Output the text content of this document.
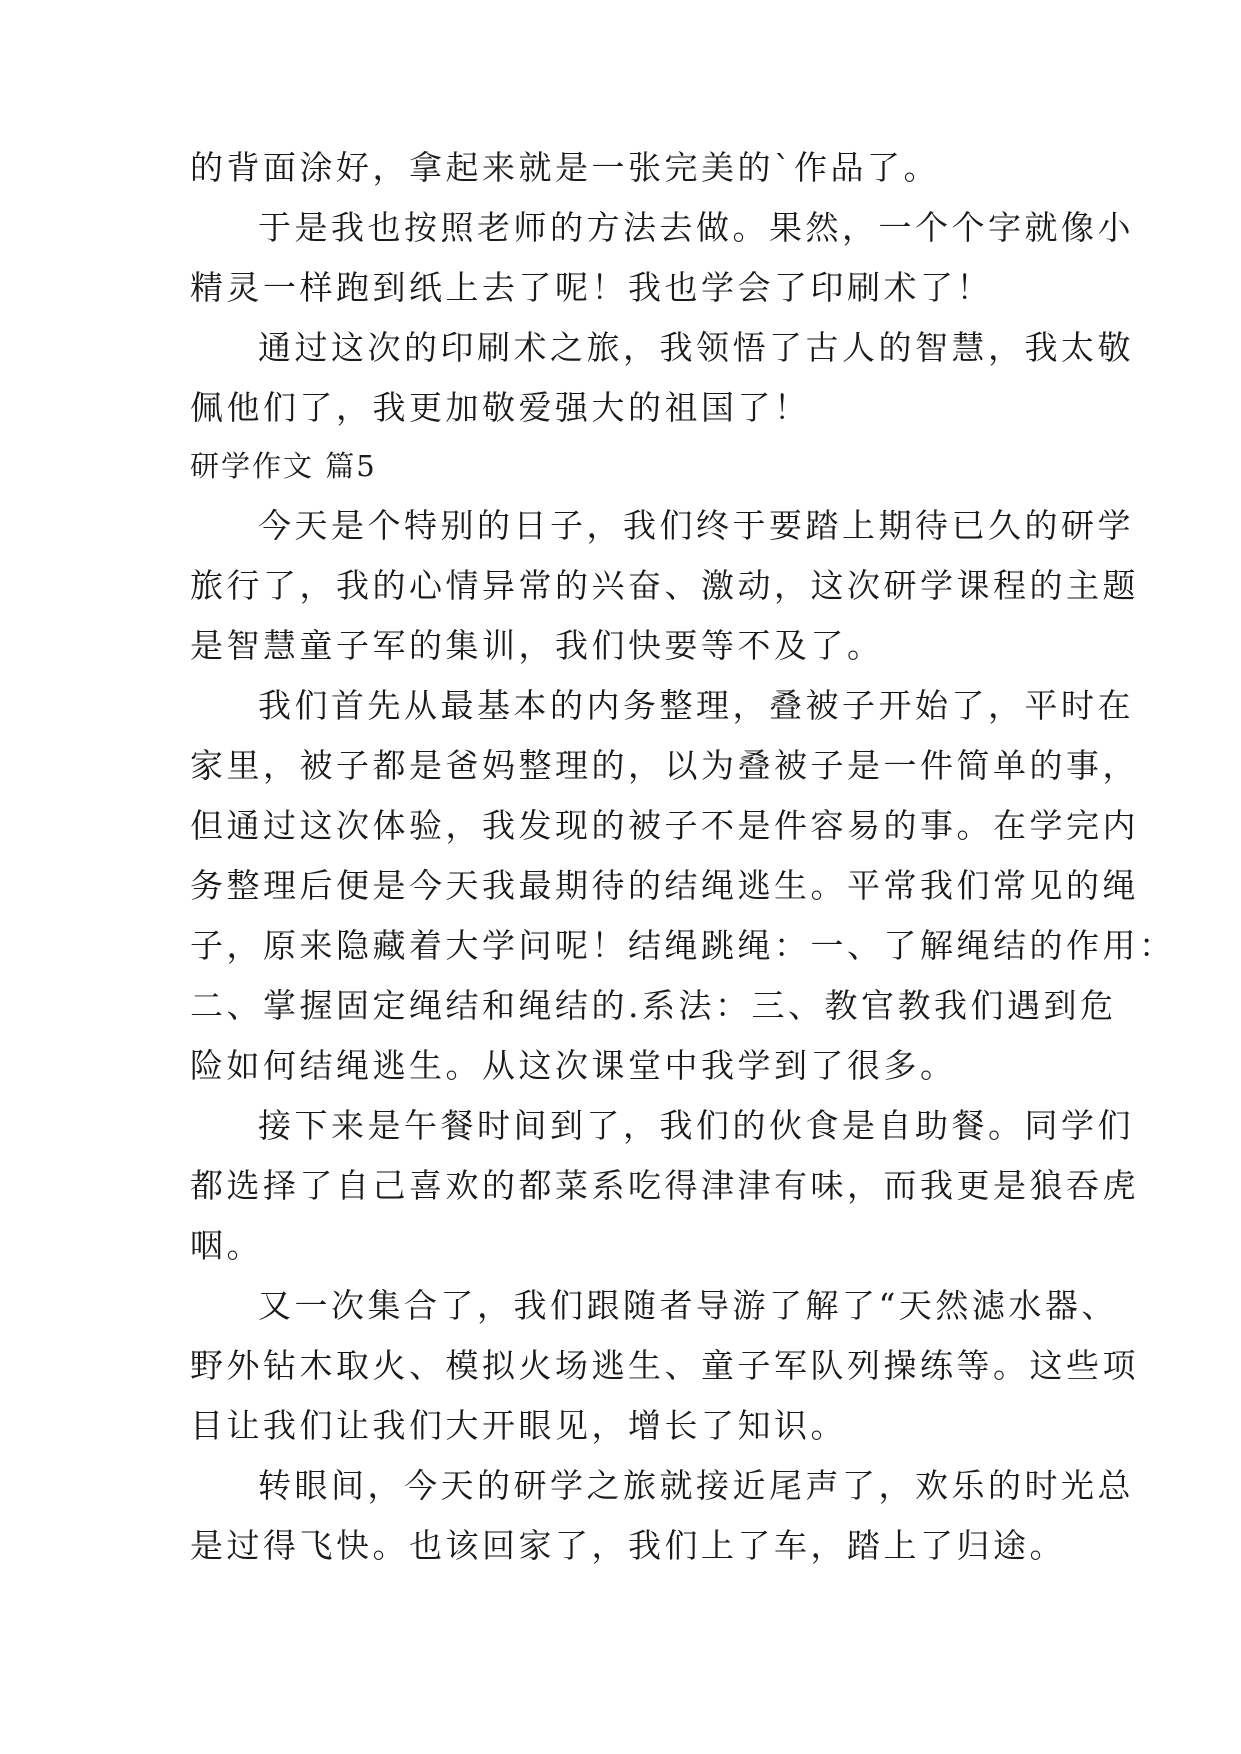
的背面涂好，拿起来就是一张完美的`作品了。
于是我也按照老师的方法去做。果然，一个个字就像小
精灵一样跑到纸上去了呢！我也学会了印刷术了！
通过这次的印刷术之旅，我领悟了古人的智慧，我太敬
佩他们了，我更加敬爱强大的祖国了！
研学作文 篇5
今天是个特别的日子，我们终于要踏上期待已久的研学
旅行了，我的心情异常的兴奋、激动，这次研学课程的主题
是智慧童子军的集训，我们快要等不及了。
我们首先从最基本的内务整理，叠被子开始了，平时在
家里，被子都是爸妈整理的，以为叠被子是一件简单的事，
但通过这次体验，我发现的被子不是件容易的事。在学完内
务整理后便是今天我最期待的结绳逃生。平常我们常见的绳
子，原来隐藏着大学问呢！结绳跳绳：一、了解绳结的作用：
二、掌握固定绳结和绳结的.系法：三、教官教我们遇到危
险如何结绳逃生。从这次课堂中我学到了很多。
接下来是午餐时间到了，我们的伙食是自助餐。同学们
都选择了自己喜欢的都菜系吃得津津有味，而我更是狼吞虎
咽。
又一次集合了，我们跟随者导游了解了“天然滤水器、
野外钻木取火、模拟火场逃生、童子军队列操练等。这些项
目让我们让我们大开眼见，增长了知识。
转眼间，今天的研学之旅就接近尾声了，欢乐的时光总
是过得飞快。也该回家了，我们上了车，踏上了归途。
